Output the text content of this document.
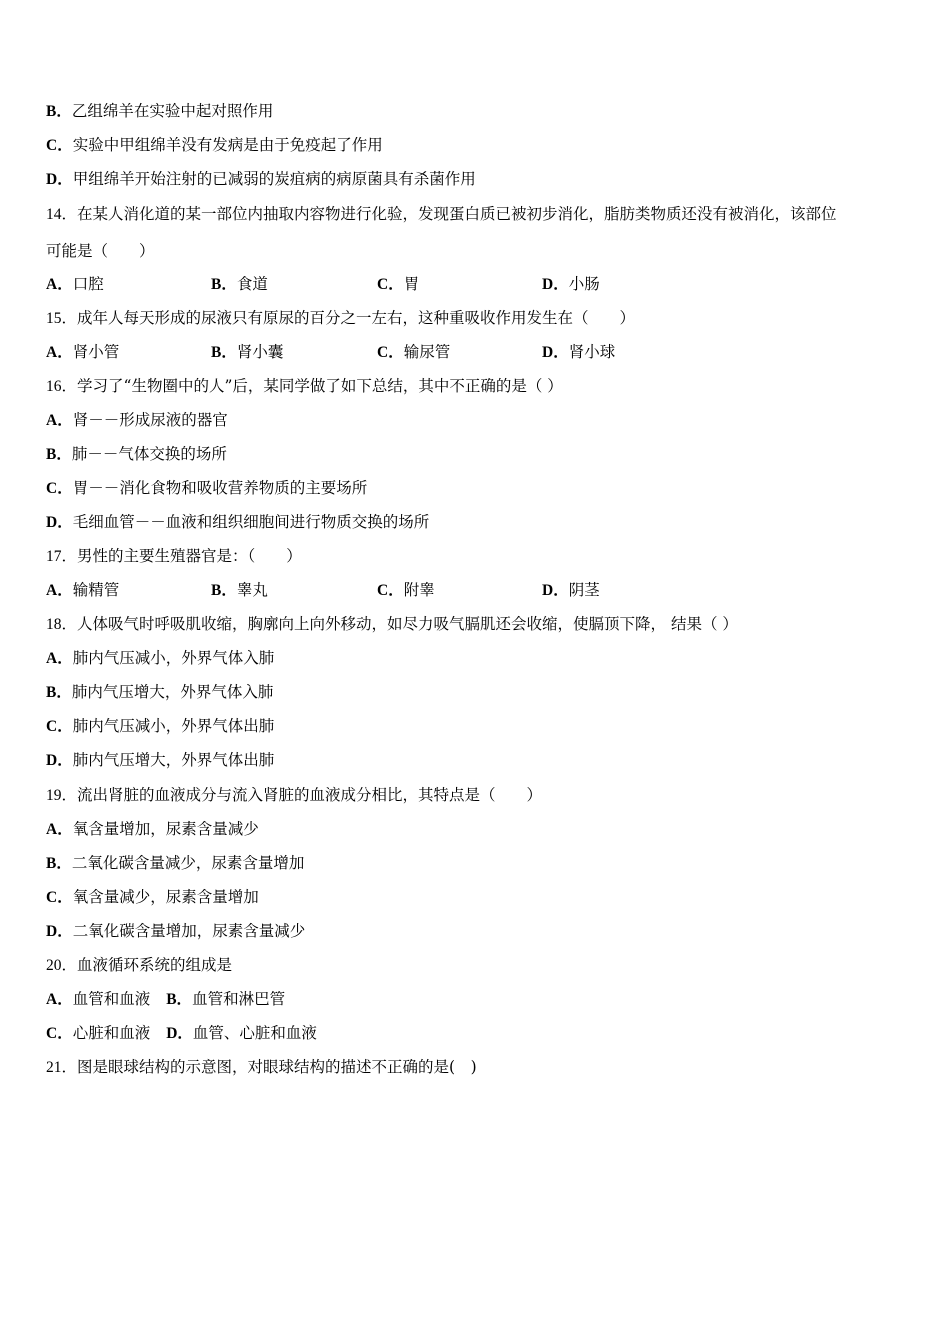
B．乙组绵羊在实验中起对照作用
C．实验中甲组绵羊没有发病是由于免疫起了作用
D．甲组绵羊开始注射的已减弱的炭疽病的病原菌具有杀菌作用
14．在某人消化道的某一部位内抽取内容物进行化验，发现蛋白质已被初步消化，脂肪类物质还没有被消化，该部位
可能是（　　）
A．口腔	B．食道	C．胃	D．小肠
15．成年人每天形成的尿液只有原尿的百分之一左右，这种重吸收作用发生在（　　）
A．肾小管	B．肾小囊	C．输尿管	D．肾小球
16．学习了“生物圈中的人”后，某同学做了如下总结，其中不正确的是（ ）
A．肾－－形成尿液的器官
B．肺－－气体交换的场所
C．胃－－消化食物和吸收营养物质的主要场所
D．毛细血管－－血液和组织细胞间进行物质交换的场所
17．男性的主要生殖器官是：（　　）
A．输精管	B．睾丸	C．附睾	D．阴茎
18．人体吸气时呼吸肌收缩，胸廓向上向外移动，如尽力吸气膈肌还会收缩，使膈顶下降， 结果（ ）
A．肺内气压减小，外界气体入肺
B．肺内气压增大，外界气体入肺
C．肺内气压减小，外界气体出肺
D．肺内气压增大，外界气体出肺
19．流出肾脏的血液成分与流入肾脏的血液成分相比，其特点是（　　）
A．氧含量增加，尿素含量减少
B．二氧化碳含量减少，尿素含量增加
C．氧含量减少，尿素含量增加
D．二氧化碳含量增加，尿素含量减少
20．血液循环系统的组成是
A．血管和血液 B．血管和淋巴管
C．心脏和血液 D．血管、心脏和血液
21．图是眼球结构的示意图，对眼球结构的描述不正确的是(　)
